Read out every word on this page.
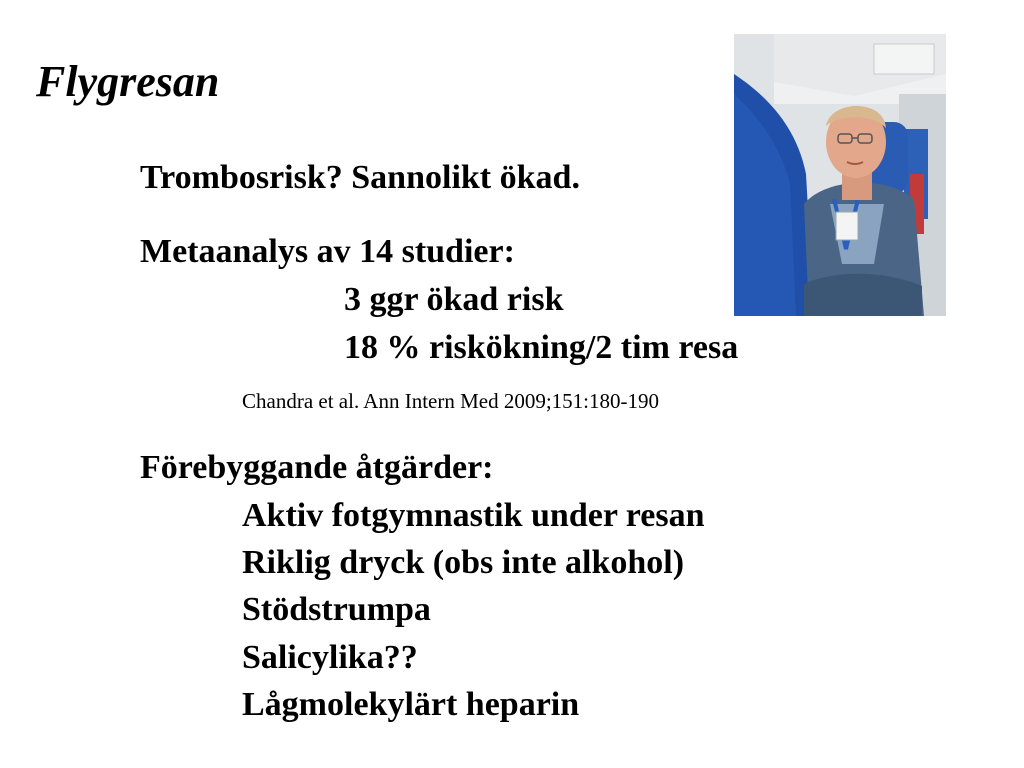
Flygresan

Trombosrisk? Sannolikt ökad.

Metaanalys av 14 studier:

3 ggr ökad risk

18 % riskökning/2 tim resa

Chandra et al. Ann Intern Med 2009;151:180-190

Förebyggande åtgärder:

Aktiv fotgymnastik under resan

Riklig dryck (obs inte alkohol)

Stödstrumpa

Salicylika??

Lågmolekylärt heparin
